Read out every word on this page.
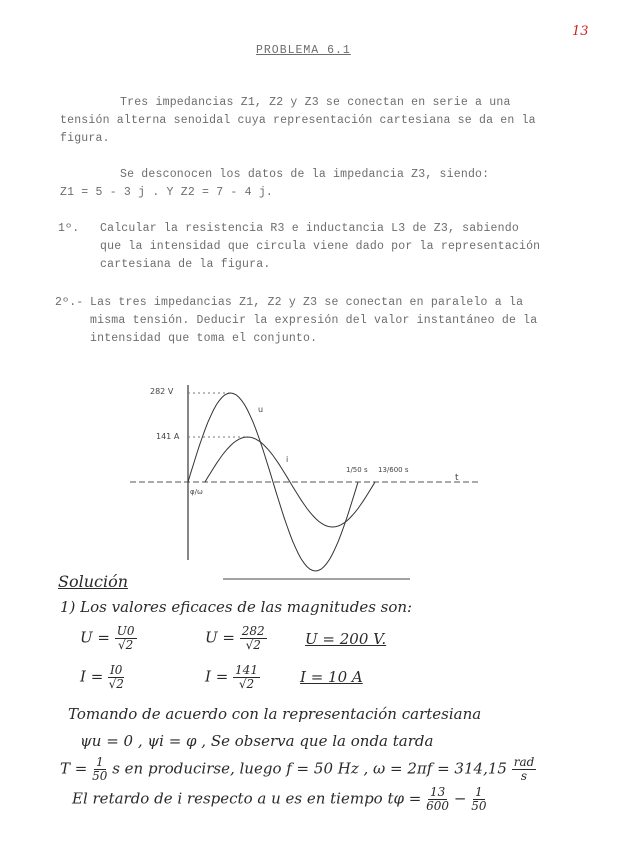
13
PROBLEMA 6.1
Tres impedancias Z1, Z2 y Z3 se conectan en serie a una
tensión alterna senoidal cuya representación cartesiana se da en la
figura.
Se desconocen los datos de la impedancia Z3, siendo:
Z1 = 5 - 3 j . Y Z2 = 7 - 4 j.
1º. Calcular la resistencia R3 e inductancia L3 de Z3, sabiendo
que la intensidad que circula viene dado por la representación
cartesiana de la figura.
2º.- Las tres impedancias Z1, Z2 y Z3 se conectan en paralelo a la
misma tensión. Deducir la expresión del valor instantáneo de la
intensidad que toma el conjunto.
282 V
141 A
u
i
φ/ω
1/50 s 13/600 s
t
Solución
1) Los valores eficaces de las magnitudes son:
$U = \frac{U0}{√2}$	$U = \frac{282}{√2}$	U = 200 V.
$I = \frac{I0}{√2}$	$I = \frac{141}{√2}$	I = 10 A
Tomando de acuerdo con la representación cartesiana
ψu = 0 , ψi = φ , Se observa que la onda tarda
$T = \frac{1}{50}$ s en producirse, luego f = 50 Hz , $\omega = 2\pi f = 314,15 \frac{\text{rad}}{s}$
El retardo de i respecto a u es en tiempo $t\varphi = \frac{13}{600} - \frac{1}{50}$
